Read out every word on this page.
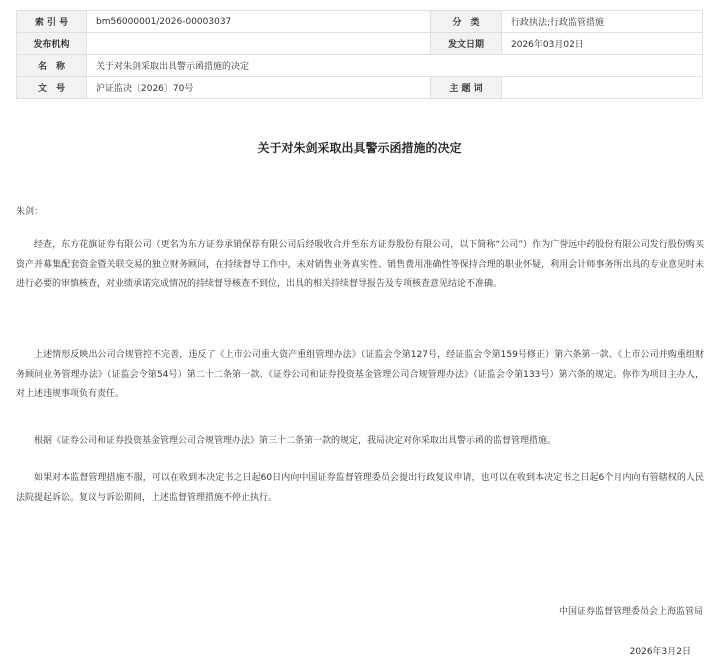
索 引 号	bm56000001/2026-00003037	分　类	行政执法;行政监管措施
发布机构		发文日期	2026年03月02日
名　称	关于对朱剑采取出具警示函措施的决定		
文　号	沪证监决〔2026〕70号	主 题 词	
关于对朱剑采取出具警示函措施的决定

朱剑：

经查，东方花旗证券有限公司（更名为东方证券承销保荐有限公司后经吸收合并至东方证券股份有限公司，以下简称“公司”）作为广誉远中药股份有限公司发行股份购买资产并募集配套资金暨关联交易的独立财务顾问，在持续督导工作中，未对销售业务真实性、销售费用准确性等保持合理的职业怀疑，利用会计师事务所出具的专业意见时未进行必要的审慎核查，对业绩承诺完成情况的持续督导核查不到位，出具的相关持续督导报告及专项核查意见结论不准确。

上述情形反映出公司合规管控不完善，违反了《上市公司重大资产重组管理办法》（证监会令第127号，经证监会令第159号修正）第六条第一款、《上市公司并购重组财务顾问业务管理办法》（证监会令第54号）第二十二条第一款、《证券公司和证券投资基金管理公司合规管理办法》（证监会令第133号）第六条的规定。你作为项目主办人，对上述违规事项负有责任。

根据《证券公司和证券投资基金管理公司合规管理办法》第三十二条第一款的规定，我局决定对你采取出具警示函的监督管理措施。

如果对本监督管理措施不服，可以在收到本决定书之日起60日内向中国证券监督管理委员会提出行政复议申请，也可以在收到本决定书之日起6个月内向有管辖权的人民法院提起诉讼。复议与诉讼期间，上述监督管理措施不停止执行。

中国证券监督管理委员会上海监管局

2026年3月2日
